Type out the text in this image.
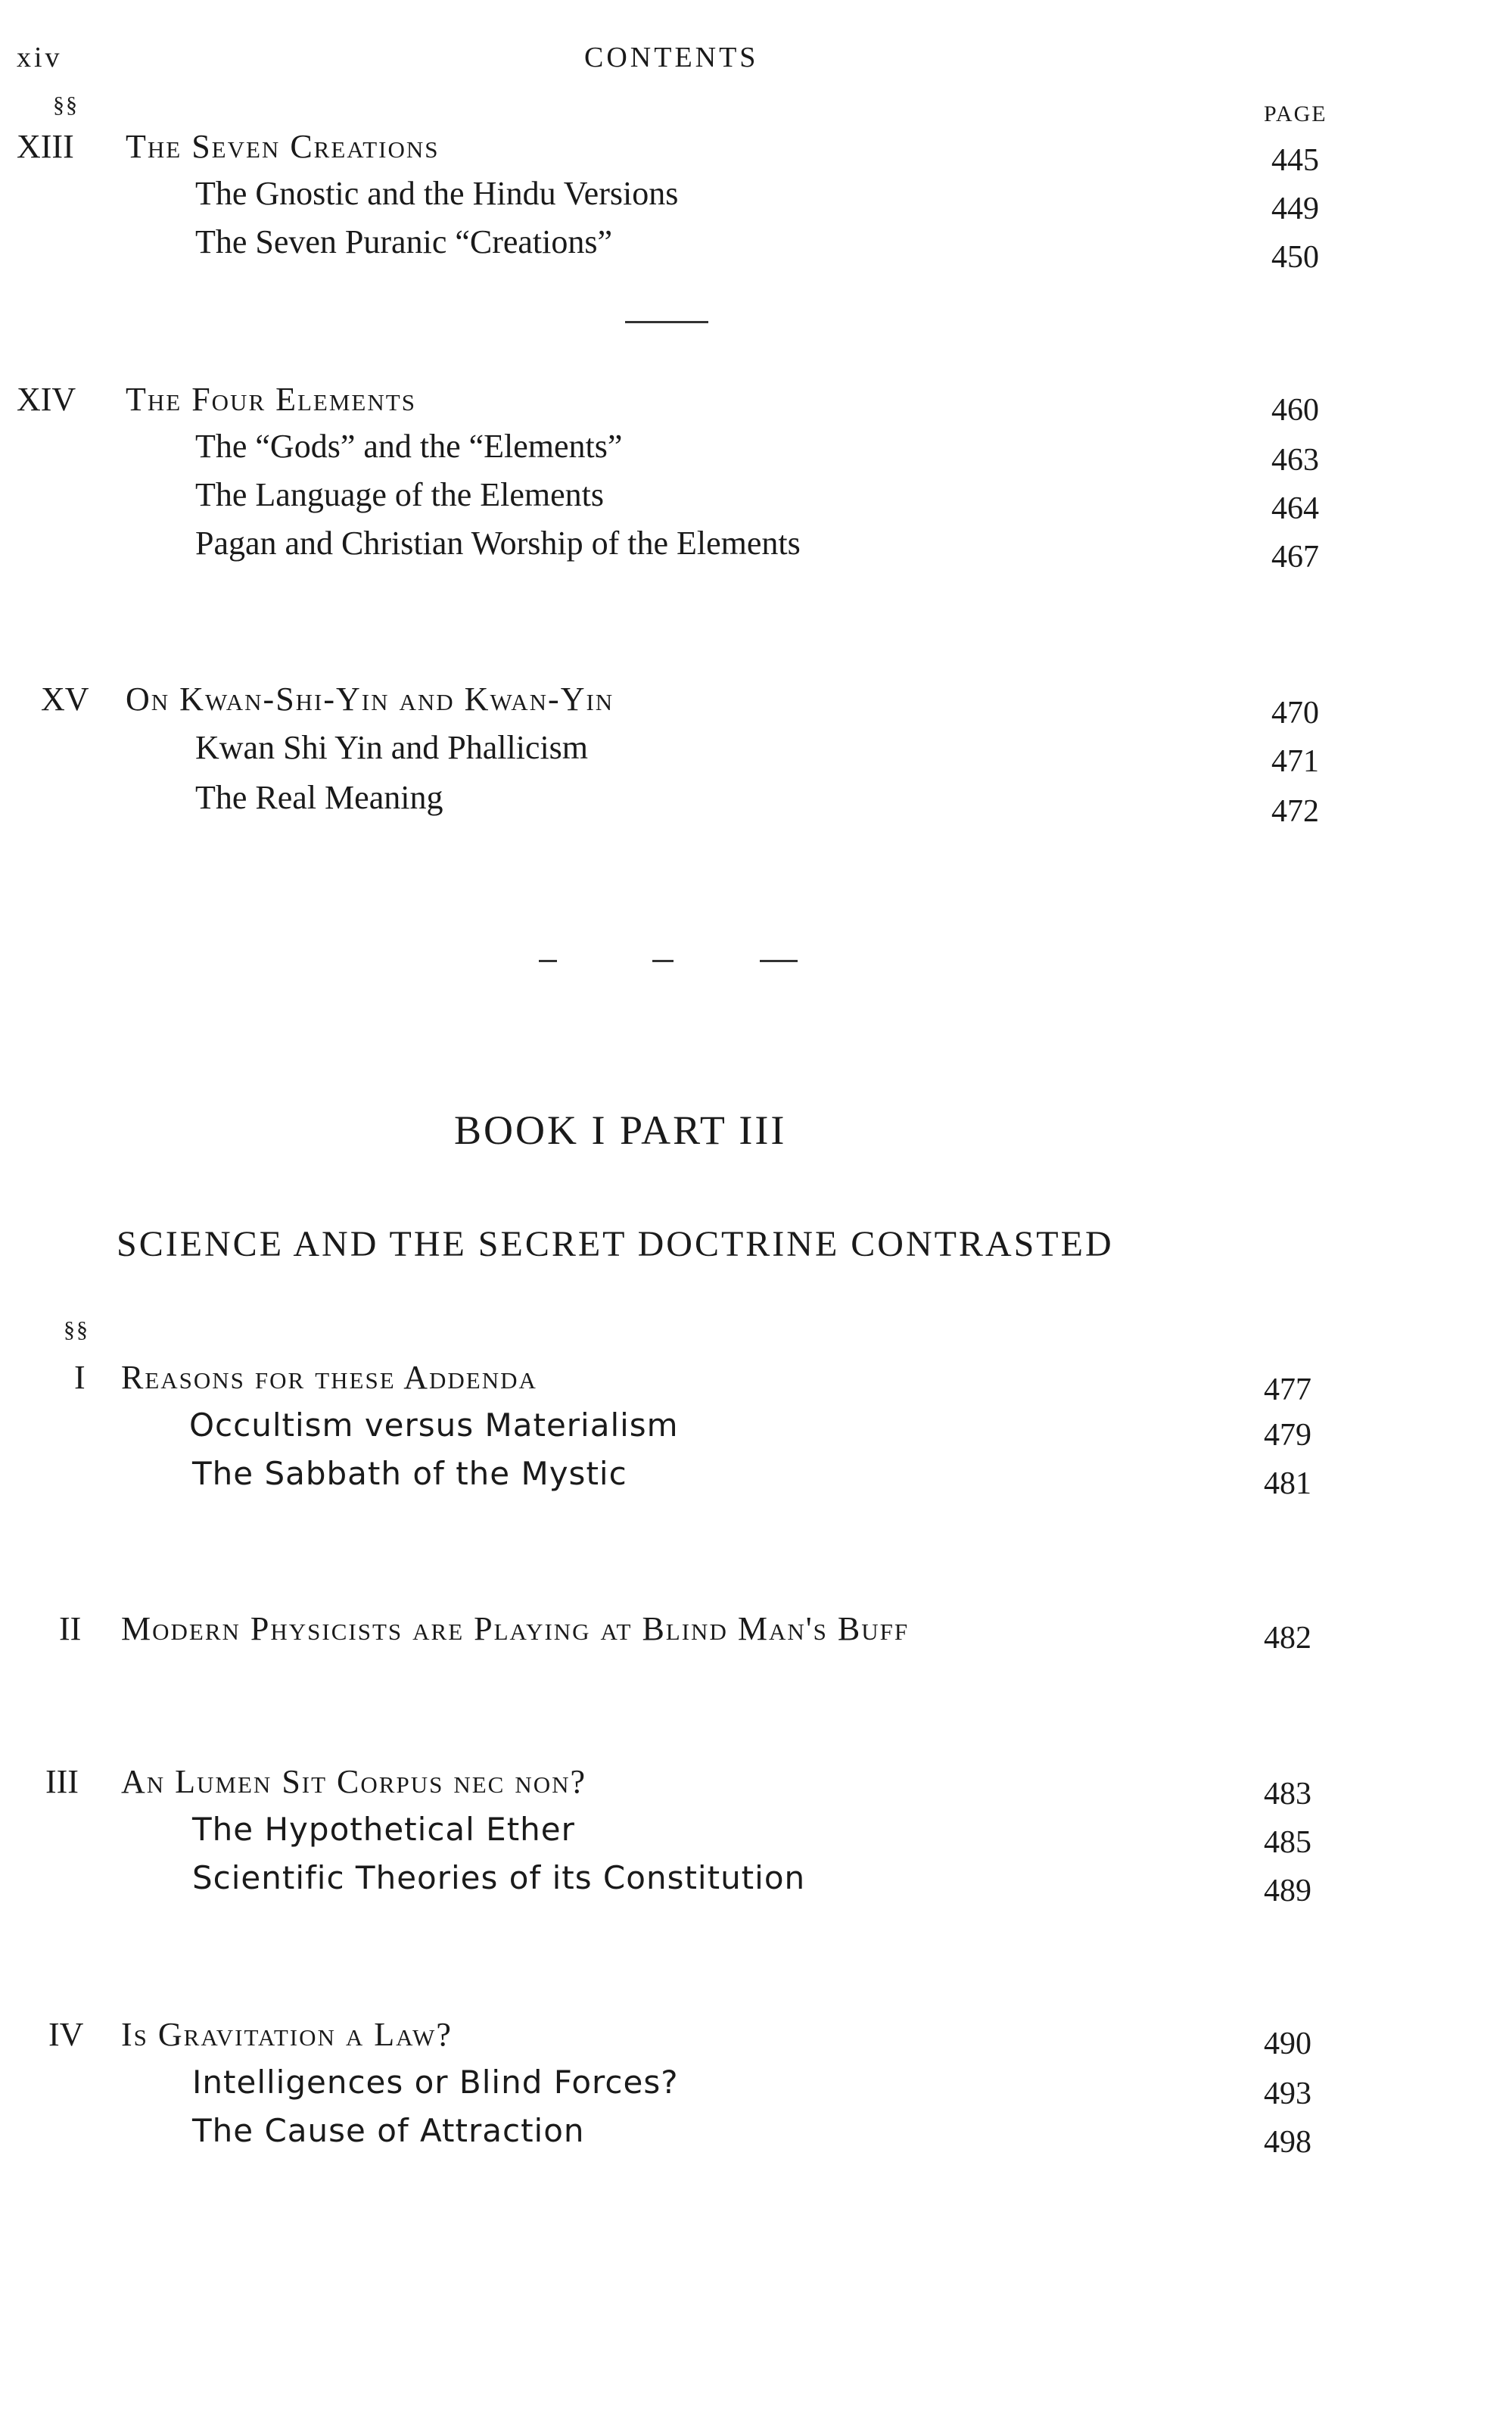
xiv	CONTENTS
§§	PAGE
XIII The Seven Creations	445
The Gnostic and the Hindu Versions	449
The Seven Puranic “Creations”	450
XIV The Four Elements	460
The “Gods” and the “Elements”	463
The Language of the Elements	464
Pagan and Christian Worship of the Elements	467
XV On Kwan-Shi-Yin and Kwan-Yin	470
Kwan Shi Yin and Phallicism	471
The Real Meaning	472
BOOK I PART III
SCIENCE AND THE SECRET DOCTRINE CONTRASTED
§§
I Reasons for these Addenda	477
Occultism versus Materialism	479
The Sabbath of the Mystic	481
II Modern Physicists are Playing at Blind Man's Buff	482
III An Lumen Sit Corpus nec non?	483
The Hypothetical Ether	485
Scientific Theories of its Constitution	489
IV Is Gravitation a Law?	490
Intelligences or Blind Forces?	493
The Cause of Attraction	498
